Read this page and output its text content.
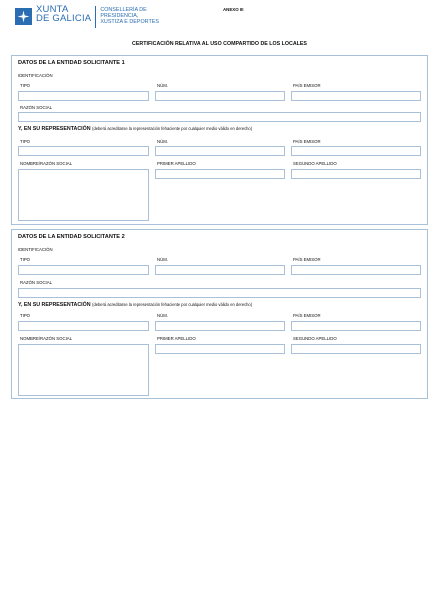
XUNTA
DE GALICIA
CONSELLERÍA DE
PRESIDENCIA,
XUSTIZA E DEPORTES
ANEXO III
CERTIFICACIÓN RELATIVA AL USO COMPARTIDO DE LOS LOCALES
DATOS DE LA ENTIDAD SOLICITANTE 1
IDENTIFICACIÓN
TIPO	NÚM.	PAÍS EMISOR
RAZÓN SOCIAL
Y, EN SU REPRESENTACIÓN (deberá acreditarse la representación fehaciente por cualquier medio válido en derecho)
TIPO	NÚM.	PAÍS EMISOR
NOMBRE/RAZÓN SOCIAL	PRIMER APELLIDO	SEGUNDO APELLIDO
DATOS DE LA ENTIDAD SOLICITANTE 2
IDENTIFICACIÓN
TIPO	NÚM.	PAÍS EMISOR
RAZÓN SOCIAL
Y, EN SU REPRESENTACIÓN (deberá acreditarse la representación fehaciente por cualquier medio válido en derecho)
TIPO	NÚM.	PAÍS EMISOR
NOMBRE/RAZÓN SOCIAL	PRIMER APELLIDO	SEGUNDO APELLIDO
